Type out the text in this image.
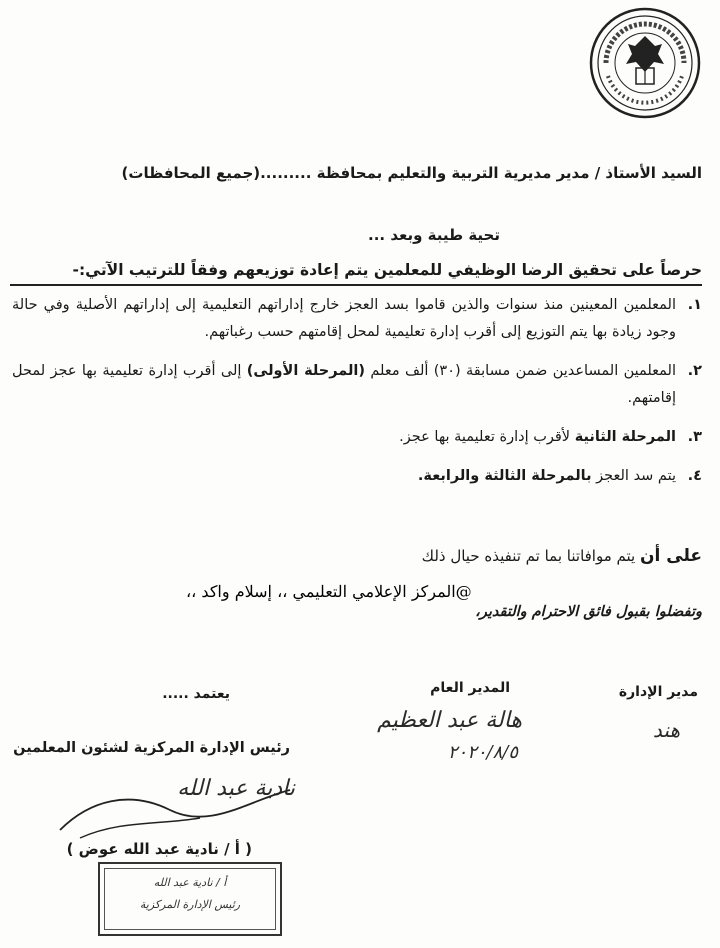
السيد الأستاذ / مدير مديرية التربية والتعليم بمحافظة .........(جميع المحافظات)
تحية طيبة وبعد ...
حرصاً على تحقيق الرضا الوظيفي للمعلمين يتم إعادة توزيعهم وفقاً للترتيب الآتي:-
١.
المعلمين المعينين منذ سنوات والذين قاموا بسد العجز خارج إداراتهم التعليمية إلى إداراتهم الأصلية وفي حالة وجود زيادة بها يتم التوزيع إلى أقرب إدارة تعليمية لمحل إقامتهم حسب رغباتهم.
٢.
المعلمين المساعدين ضمن مسابقة (٣٠) ألف معلم (المرحلة الأولى) إلى أقرب إدارة تعليمية بها عجز لمحل إقامتهم.
٣.
المرحلة الثانية لأقرب إدارة تعليمية بها عجز.
٤.
يتم سد العجز بالمرحلة الثالثة والرابعة.
على أن يتم موافاتنا بما تم تنفيذه حيال ذلك
@المركز الإعلامي التعليمي ،، إسلام واكد ،،
وتفضلوا بقبول فائق الاحترام والتقدير،
مدير الإدارة
هند
المدير العام
هالة عبد العظيم
٢٠٢٠/٨/٥
يعتمد .....
رئيس الإدارة المركزية لشئون المعلمين
نادية عبد الله
( أ / نادية عبد الله عوض )
أ / نادية عبد الله
رئيس الإدارة المركزية
